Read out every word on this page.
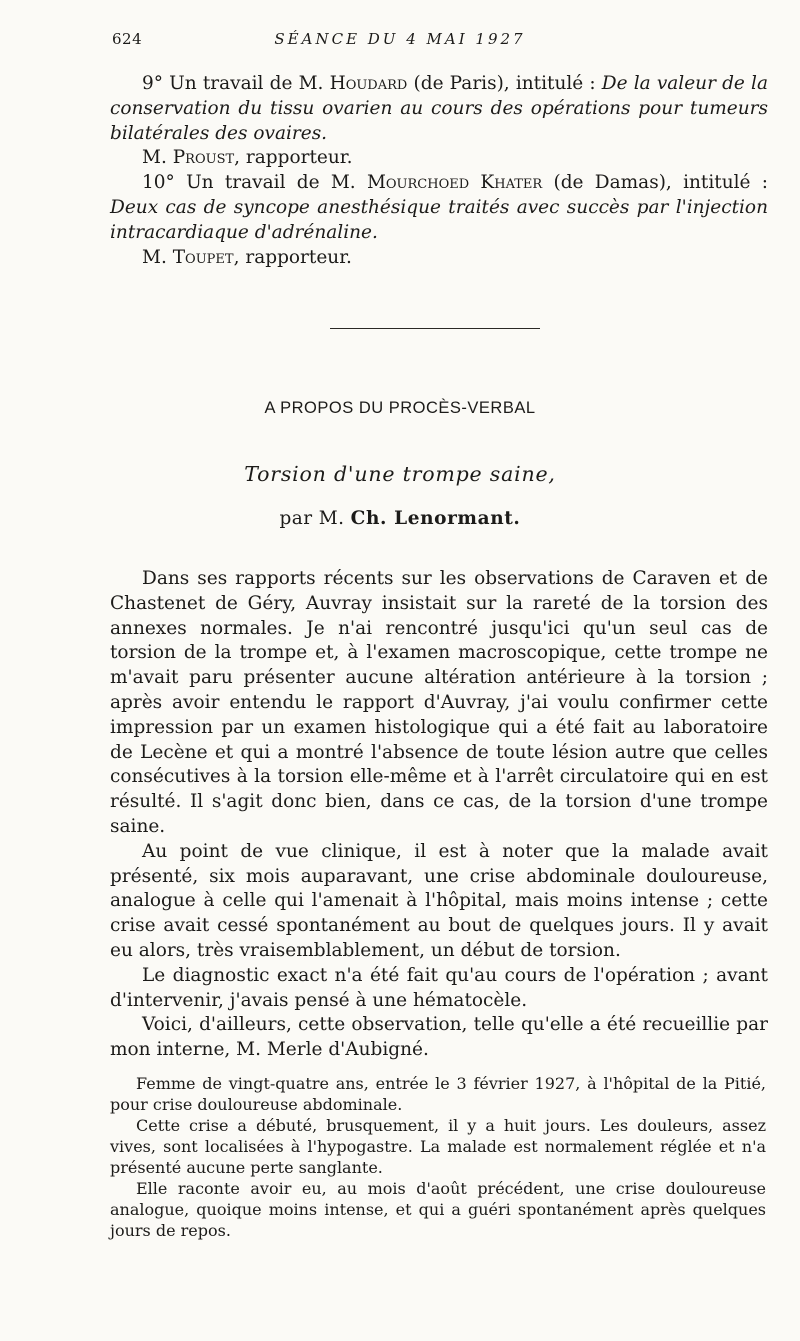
624	SÉANCE DU 4 MAI 1927

9° Un travail de M. Houdard (de Paris), intitulé : De la valeur de la conservation du tissu ovarien au cours des opérations pour tumeurs bilatérales des ovaires.

M. Proust, rapporteur.

10° Un travail de M. Mourchoed Khater (de Damas), intitulé : Deux cas de syncope anesthésique traités avec succès par l'injection intracardiaque d'adrénaline.

M. Toupet, rapporteur.

A PROPOS DU PROCÈS-VERBAL
Torsion d'une trompe saine,
par M. Ch. Lenormant.

Dans ses rapports récents sur les observations de Caraven et de Chastenet de Géry, Auvray insistait sur la rareté de la torsion des annexes normales. Je n'ai rencontré jusqu'ici qu'un seul cas de torsion de la trompe et, à l'examen macroscopique, cette trompe ne m'avait paru présenter aucune altération antérieure à la torsion ; après avoir entendu le rapport d'Auvray, j'ai voulu confirmer cette impression par un examen histologique qui a été fait au laboratoire de Lecène et qui a montré l'absence de toute lésion autre que celles consécutives à la torsion elle-même et à l'arrêt circulatoire qui en est résulté. Il s'agit donc bien, dans ce cas, de la torsion d'une trompe saine.

Au point de vue clinique, il est à noter que la malade avait présenté, six mois auparavant, une crise abdominale douloureuse, analogue à celle qui l'amenait à l'hôpital, mais moins intense ; cette crise avait cessé spontanément au bout de quelques jours. Il y avait eu alors, très vraisemblablement, un début de torsion.

Le diagnostic exact n'a été fait qu'au cours de l'opération ; avant d'intervenir, j'avais pensé à une hématocèle.

Voici, d'ailleurs, cette observation, telle qu'elle a été recueillie par mon interne, M. Merle d'Aubigné.

Femme de vingt-quatre ans, entrée le 3 février 1927, à l'hôpital de la Pitié, pour crise douloureuse abdominale.

Cette crise a débuté, brusquement, il y a huit jours. Les douleurs, assez vives, sont localisées à l'hypogastre. La malade est normalement réglée et n'a présenté aucune perte sanglante.

Elle raconte avoir eu, au mois d'août précédent, une crise douloureuse analogue, quoique moins intense, et qui a guéri spontanément après quelques jours de repos.
